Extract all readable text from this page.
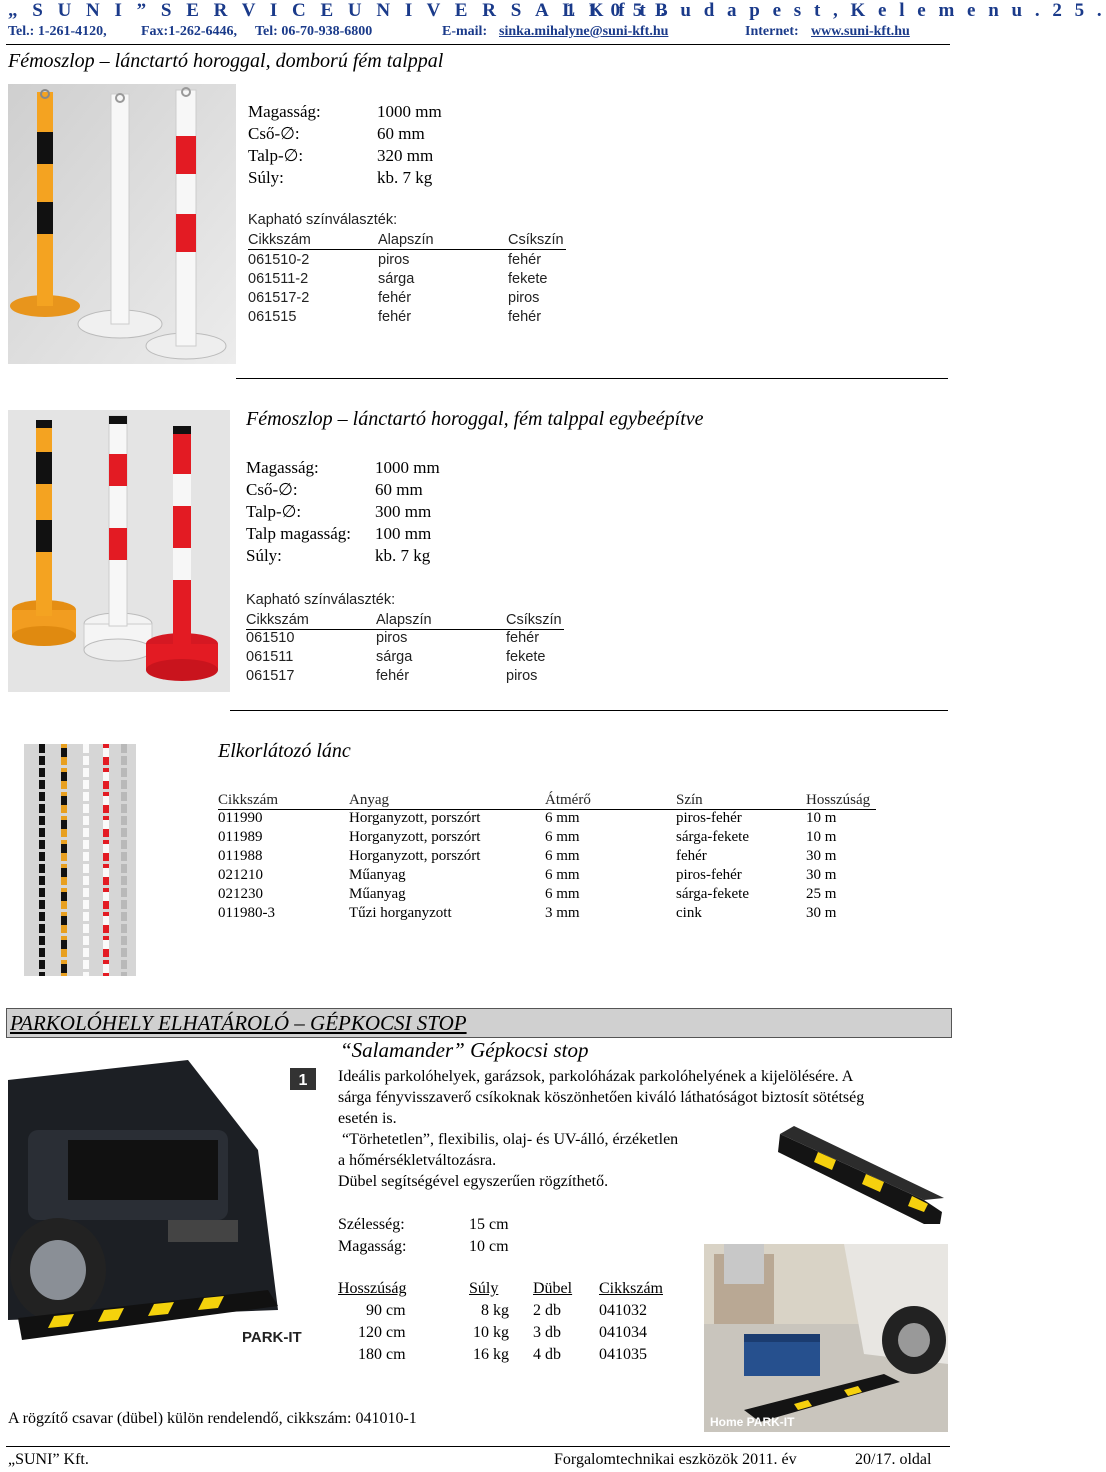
„ S U N I ” S E R V I C E U N I V E R S A L K f t .
1 1 0 5 B u d a p e s t , K e l e m e n u . 2 5 .
Tel.: 1-261-4120, Fax:1-262-6446, Tel: 06-70-938-6800	E-mail: sinka.mihalyne@suni-kft.hu	Internet: www.suni-kft.hu
Fémoszlop – lánctartó horoggal, domború fém talppal
Magasság:	1000 mm
Cső-∅:	60 mm
Talp-∅:	320 mm
Súly:	kb. 7 kg
Kapható színválaszték:
Cikkszám	Alapszín	Csíkszín
061510-2	piros	fehér
061511-2	sárga	fekete
061517-2	fehér	piros
061515	fehér	fehér
Fémoszlop – lánctartó horoggal, fém talppal egybeépítve
Magasság:	1000 mm
Cső-∅:	60 mm
Talp-∅:	300 mm
Talp magasság: 100 mm
Súly:	kb. 7 kg
Kapható színválaszték:
Cikkszám	Alapszín	Csíkszín
061510	piros	fehér
061511	sárga	fekete
061517	fehér	piros
Elkorlátozó lánc
Cikkszám	Anyag	Átmérő	Szín	Hosszúság
011990	Horganyzott, porszórt	6 mm	piros-fehér	10 m
011989	Horganyzott, porszórt	6 mm	sárga-fekete	10 m
011988	Horganyzott, porszórt	6 mm	fehér	30 m
021210	Műanyag	6 mm	piros-fehér	30 m
021230	Műanyag	6 mm	sárga-fekete	25 m
011980-3	Tűzi horganyzott	3 mm	cink	30 m
PARKOLÓHELY ELHATÁROLÓ – GÉPKOCSI STOP
1
PARK-IT
“Salamander” Gépkocsi stop
Ideális parkolóhelyek, garázsok, parkolóházak parkolóhelyének a kijelölésére. A
sárga fényvisszaverő csíkoknak köszönhetően kiváló láthatóságot biztosít sötétség
esetén is.
“Törhetetlen”, flexibilis, olaj- és UV-álló, érzéketlen
a hőmérsékletváltozásra.
Dübel segítségével egyszerűen rögzíthető.
Szélesség:	15 cm
Magasság:	10 cm
Hosszúság	Súly Dübel Cikkszám
90 cm	8 kg 2 db 041032
120 cm	10 kg 3 db 041034
180 cm	16 kg 4 db 041035
Home PARK-IT
A rögzítő csavar (dübel) külön rendelendő, cikkszám: 041010-1
„SUNI” Kft.	Forgalomtechnikai eszközök 2011. év	20/17. oldal
